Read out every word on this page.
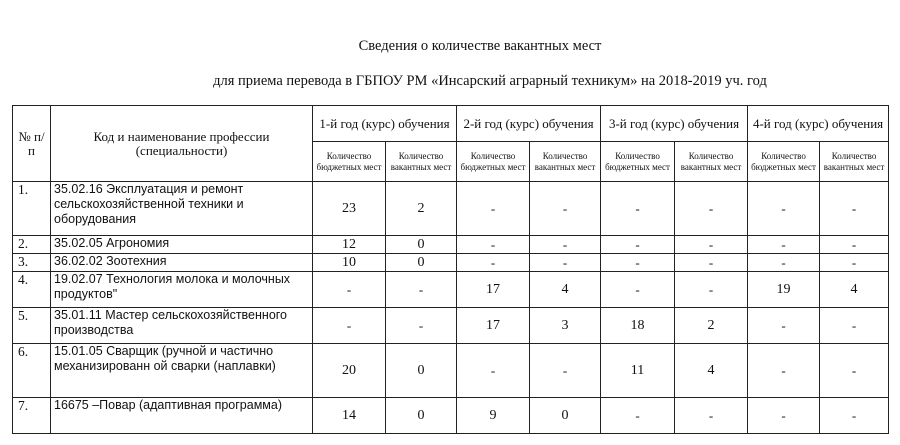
Сведения о количестве вакантных мест
для приема перевода в ГБПОУ РМ «Инсарский аграрный техникум» на 2018-2019 уч. год
№ п/п	Код и наименование профессии (специальности)	1-й год (курс) обучения		2-й год (курс) обучения		3-й год (курс) обучения		4-й год (курс) обучения	
		Количество бюджетных мест	Количество вакантных мест	Количество бюджетных мест	Количество вакантных мест	Количество бюджетных мест	Количество вакантных мест	Количество бюджетных мест	Количество вакантных мест
1.	35.02.16 Эксплуатация и ремонт сельскохозяйственной техники и оборудования	23	2	-	-	-	-	-	-
2.	35.02.05 Агрономия	12	0	-	-	-	-	-	-
3.	36.02.02 Зоотехния	10	0	-	-	-	-	-	-
4.	19.02.07 Технология молока и молочных продуктов"	-	-	17	4	-	-	19	4
5.	35.01.11 Мастер сельскохозяйственного производства	-	-	17	3	18	2	-	-
6.	15.01.05 Сварщик (ручной и частично механизированн ой сварки (наплавки)	20	0	-	-	11	4	-	-
7.	16675 –Повар (адаптивная программа)	14	0	9	0	-	-	-	-
